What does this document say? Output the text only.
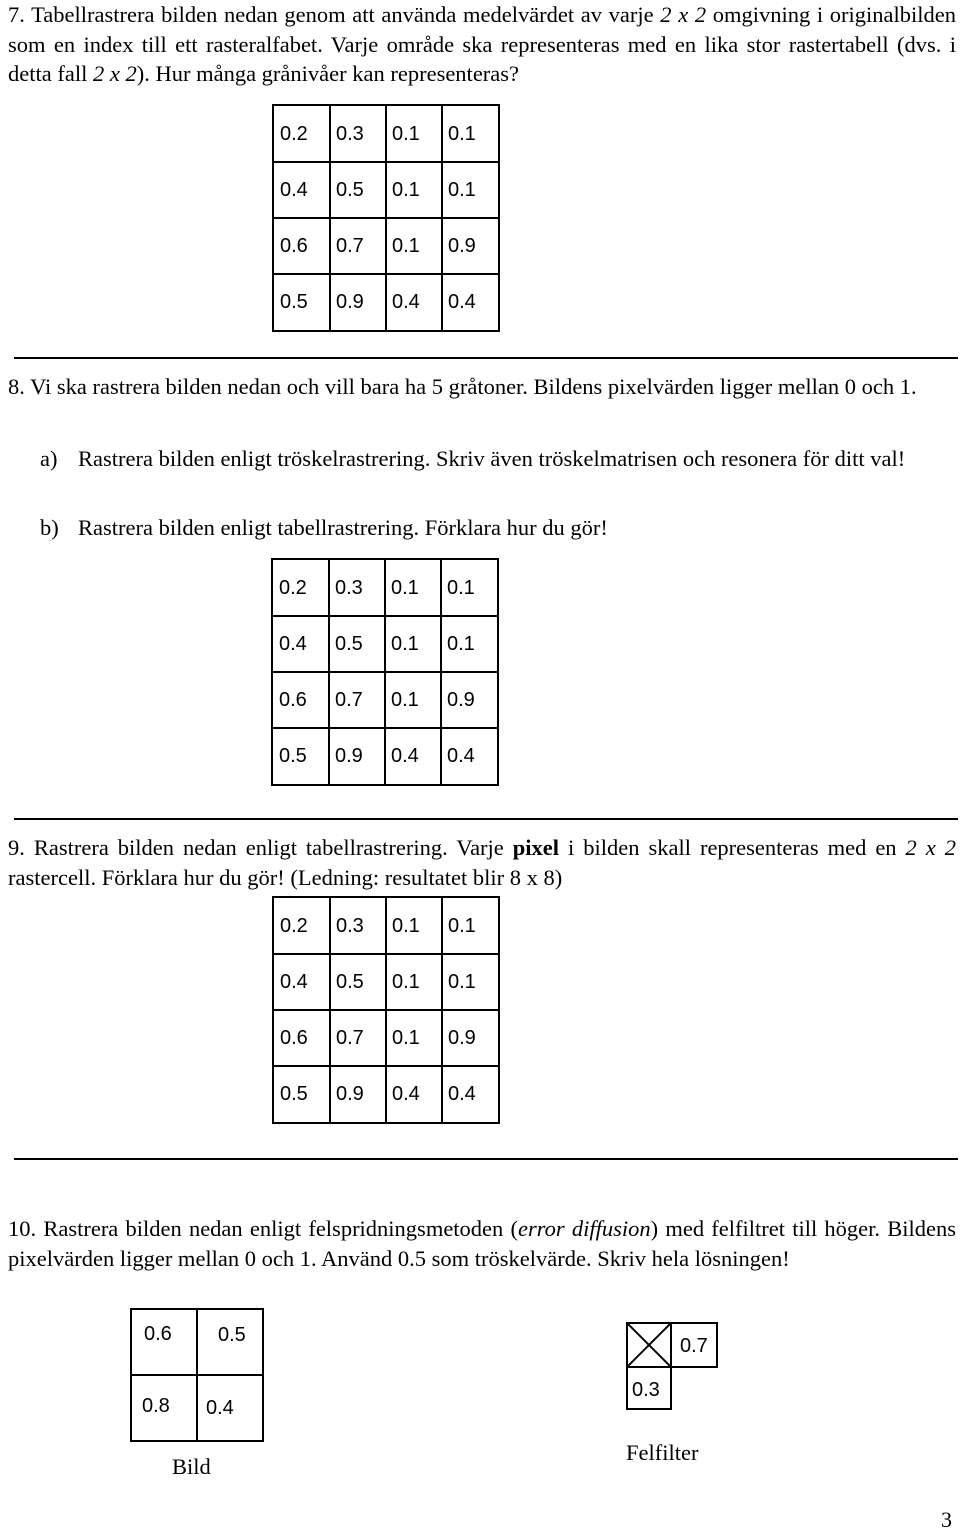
7. Tabellrastrera bilden nedan genom att använda medelvärdet av varje 2 x 2 omgivning i originalbilden som en index till ett rasteralfabet. Varje område ska representeras med en lika stor rastertabell (dvs. i detta fall 2 x 2). Hur många grånivåer kan representeras?

0.2 0.3 0.1 0.1
0.4 0.5 0.1 0.1
0.6 0.7 0.1 0.9
0.5 0.9 0.4 0.4

8. Vi ska rastrera bilden nedan och vill bara ha 5 gråtoner. Bildens pixelvärden ligger mellan 0 och 1.

a) Rastrera bilden enligt tröskelrastrering. Skriv även tröskelmatrisen och resonera för ditt val!
b) Rastrera bilden enligt tabellrastrering. Förklara hur du gör!
0.2 0.3 0.1 0.1
0.4 0.5 0.1 0.1
0.6 0.7 0.1 0.9
0.5 0.9 0.4 0.4

9. Rastrera bilden nedan enligt tabellrastrering. Varje pixel i bilden skall representeras med en 2 x 2 rastercell. Förklara hur du gör! (Ledning: resultatet blir 8 x 8)

0.2 0.3 0.1 0.1
0.4 0.5 0.1 0.1
0.6 0.7 0.1 0.9
0.5 0.9 0.4 0.4

10. Rastrera bilden nedan enligt felspridningsmetoden (error diffusion) med felfiltret till höger. Bildens pixelvärden ligger mellan 0 och 1. Använd 0.5 som tröskelvärde. Skriv hela lösningen!

0.6 0.5
0.8 0.4
Bild
0.7
0.3
Felfilter
3
